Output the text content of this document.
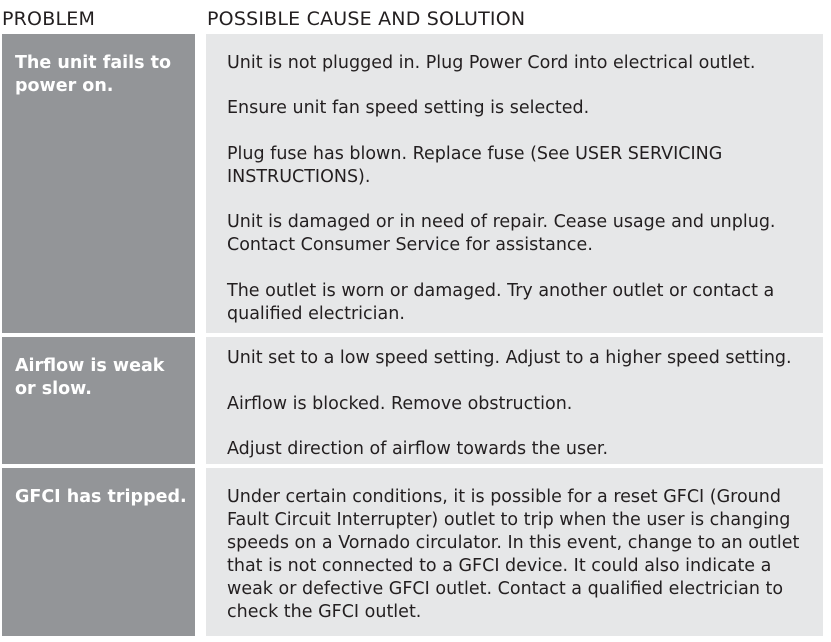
PROBLEM	POSSIBLE CAUSE AND SOLUTION
The unit fails to power on.
Unit is not plugged in. Plug Power Cord into electrical outlet.
Ensure unit fan speed setting is selected.
Plug fuse has blown. Replace fuse (See USER SERVICING INSTRUCTIONS).
Unit is damaged or in need of repair. Cease usage and unplug. Contact Consumer Service for assistance.
The outlet is worn or damaged. Try another outlet or contact a qualified electrician.
Airflow is weak or slow.
Unit set to a low speed setting. Adjust to a higher speed setting.
Airflow is blocked. Remove obstruction.
Adjust direction of airflow towards the user.
GFCI has tripped. Under certain conditions, it is possible for a reset GFCI (Ground Fault Circuit Interrupter) outlet to trip when the user is changing speeds on a Vornado circulator. In this event, change to an outlet that is not connected to a GFCI device. It could also indicate a weak or defective GFCI outlet. Contact a qualified electrician to check the GFCI outlet.
